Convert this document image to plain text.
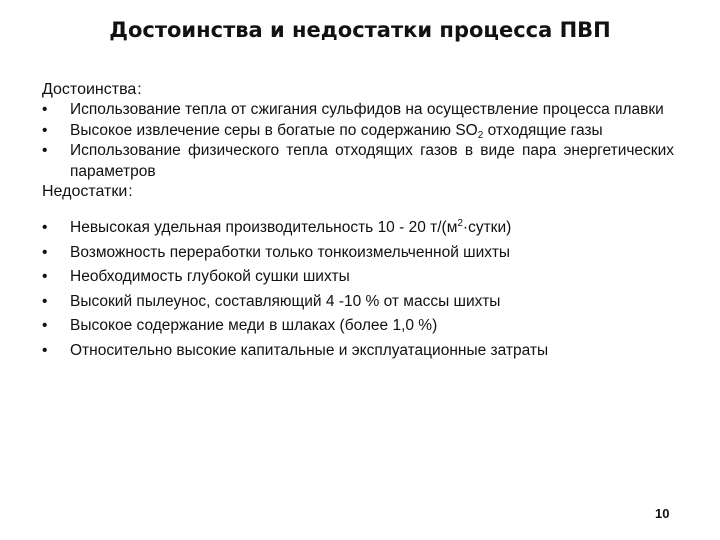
Достоинства и недостатки процесса ПВП

Достоинства:

• Использование тепла от сжигания сульфидов на осуществление процесса плавки
• Высокое извлечение серы в богатые по содержанию $SO_2$ отходящие газы
• Использование физического тепла отходящих газов в виде пара энергетических параметров

Недостатки:

• Невысокая удельная производительность 10 - 20 $т/(м^2\cdot сутки)$
• Возможность переработки только тонкоизмельченной шихты
• Необходимость глубокой сушки шихты
• Высокий пылеунос, составляющий 4 -10 % от массы шихты
• Высокое содержание меди в шлаках (более 1,0 %)
• Относительно высокие капитальные и эксплуатационные затраты
10
